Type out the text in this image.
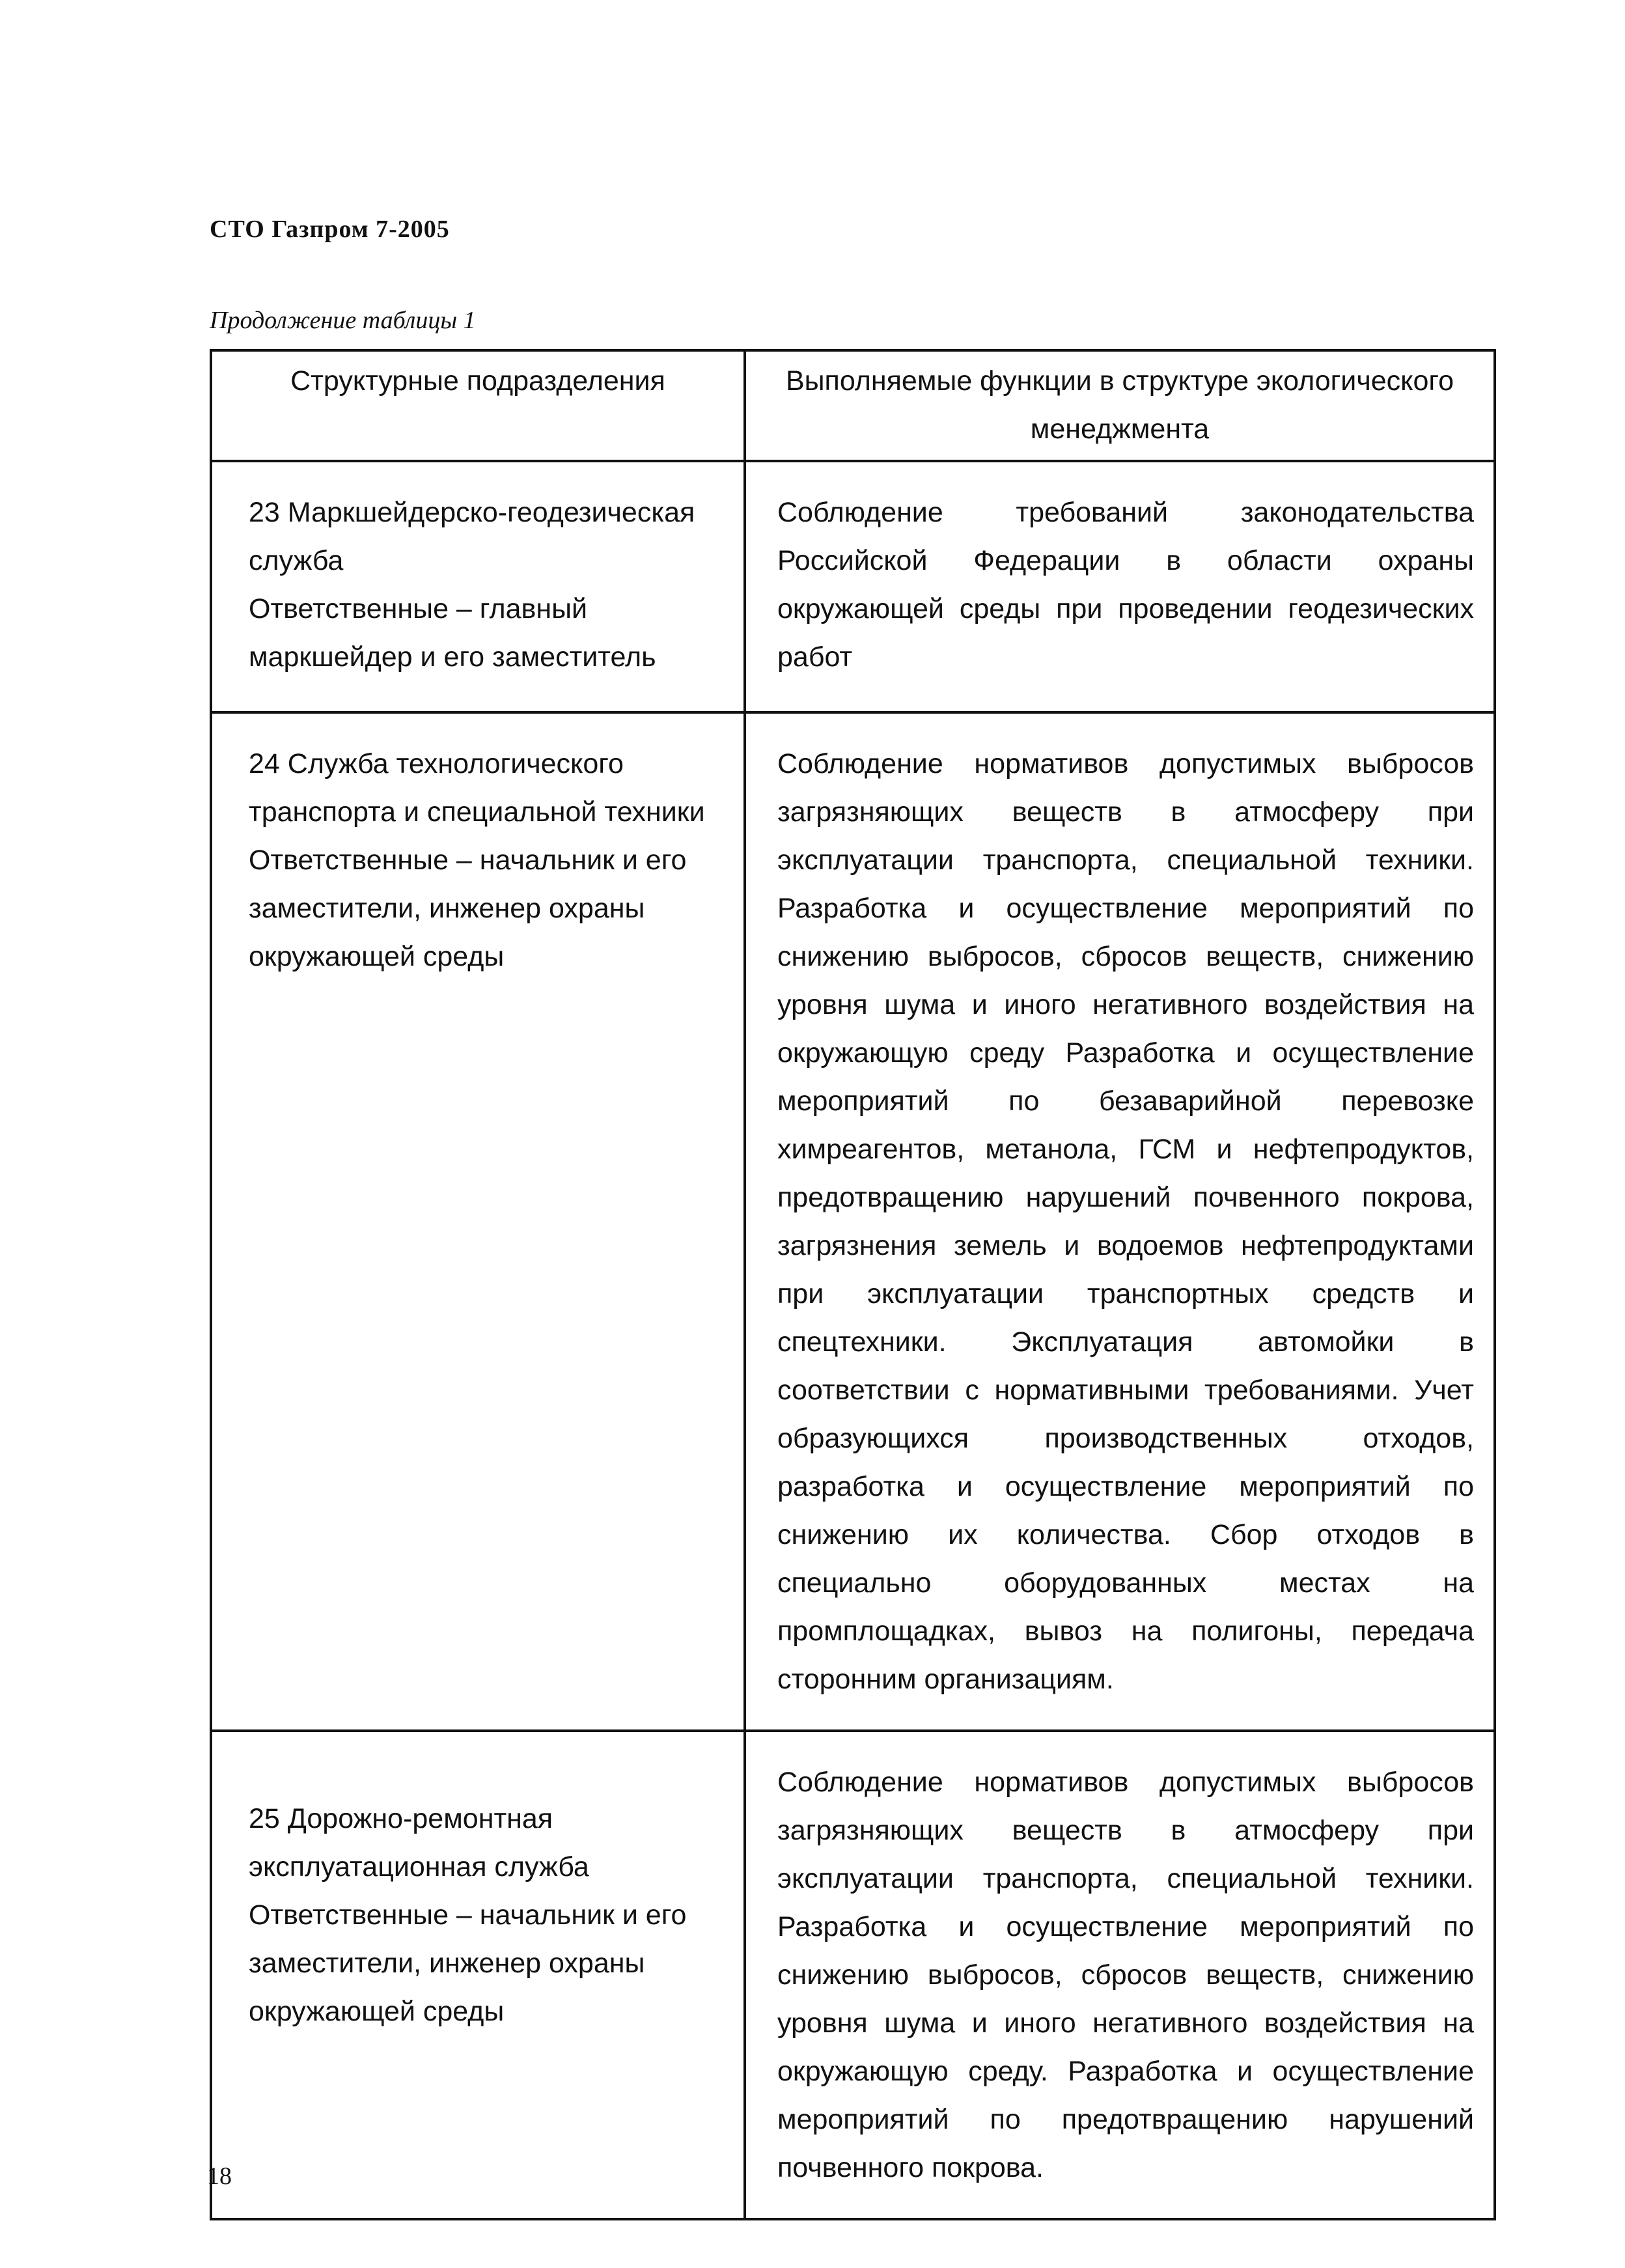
СТО Газпром 7-2005
Продолжение таблицы 1
Структурные подразделения	Выполняемые функции в структуре экологического менеджмента

23 Маркшейдерско-геодезическая служба
Ответственные – главный маркшейдер и его заместитель	Соблюдение требований законодательства Российской Федерации в области охраны окружающей среды при проведении геодезических работ

24 Служба технологического транспорта и специальной техники
Ответственные – начальник и его заместители, инженер охраны окружающей среды	Соблюдение нормативов допустимых выбросов загрязняющих веществ в атмосферу при эксплуатации транспорта, специальной техники. Разработка и осуществление мероприятий по снижению выбросов, сбросов веществ, снижению уровня шума и иного негативного воздействия на окружающую среду Разработка и осуществление мероприятий по безаварийной перевозке химреагентов, метанола, ГСМ и нефтепродуктов, предотвращению нарушений почвенного покрова, загрязнения земель и водоемов нефтепродуктами при эксплуатации транспортных средств и спецтехники. Эксплуатация автомойки в соответствии с нормативными требованиями. Учет образующихся производственных отходов, разработка и осуществление мероприятий по снижению их количества. Сбор отходов в специально оборудованных местах на промплощадках, вывоз на полигоны, передача сторонним организациям.

25 Дорожно-ремонтная эксплуатационная служба
Ответственные – начальник и его заместители, инженер охраны окружающей среды	Соблюдение нормативов допустимых выбросов загрязняющих веществ в атмосферу при эксплуатации транспорта, специальной техники. Разработка и осуществление мероприятий по снижению выбросов, сбросов веществ, снижению уровня шума и иного негативного воздействия на окружающую среду. Разработка и осуществление мероприятий по предотвращению нарушений почвенного покрова.
18
